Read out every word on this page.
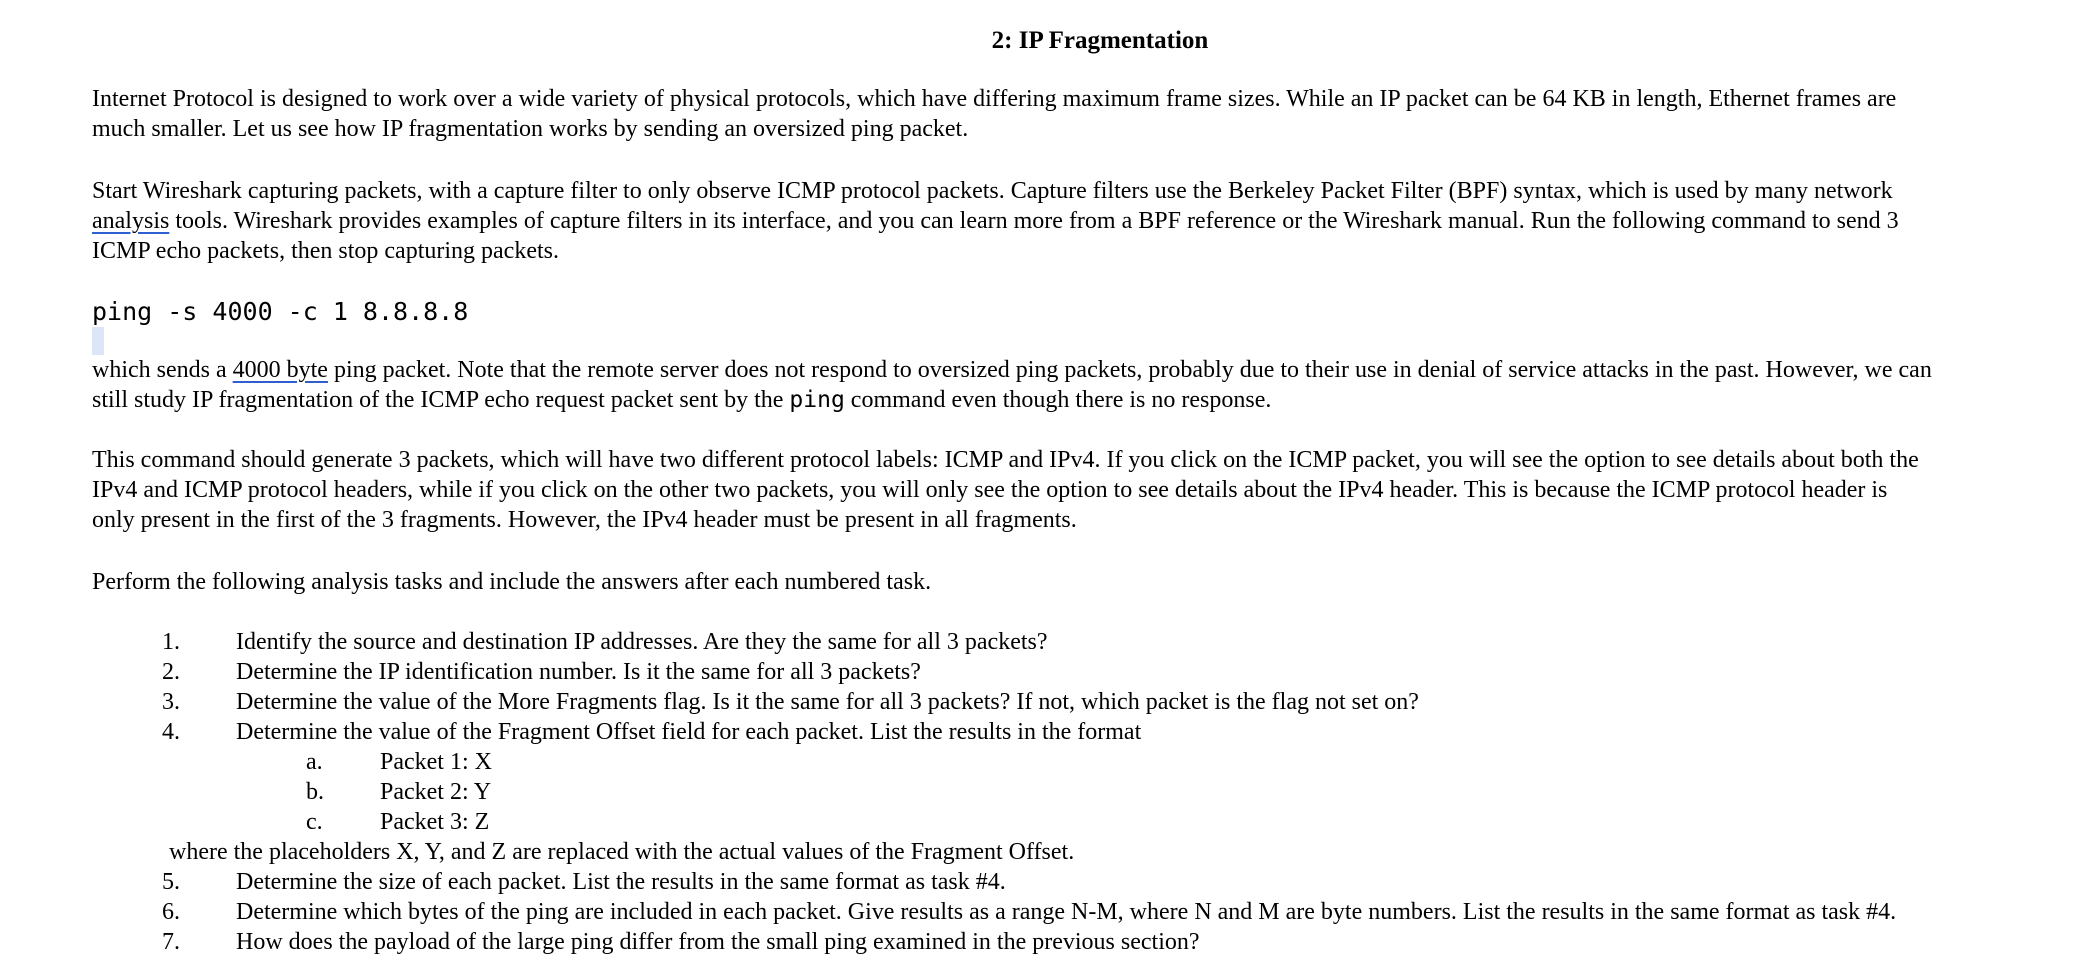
2: IP Fragmentation

Internet Protocol is designed to work over a wide variety of physical protocols, which have differing maximum frame sizes. While an IP packet can be 64 KB in length, Ethernet frames are
much smaller. Let us see how IP fragmentation works by sending an oversized ping packet.

Start Wireshark capturing packets, with a capture filter to only observe ICMP protocol packets. Capture filters use the Berkeley Packet Filter (BPF) syntax, which is used by many network
analysis tools. Wireshark provides examples of capture filters in its interface, and you can learn more from a BPF reference or the Wireshark manual. Run the following command to send 3
ICMP echo packets, then stop capturing packets.

ping -s 4000 -c 1 8.8.8.8

which sends a 4000 byte ping packet. Note that the remote server does not respond to oversized ping packets, probably due to their use in denial of service attacks in the past. However, we can
still study IP fragmentation of the ICMP echo request packet sent by the ping command even though there is no response.

This command should generate 3 packets, which will have two different protocol labels: ICMP and IPv4. If you click on the ICMP packet, you will see the option to see details about both the
IPv4 and ICMP protocol headers, while if you click on the other two packets, you will only see the option to see details about the IPv4 header. This is because the ICMP protocol header is
only present in the first of the 3 fragments. However, the IPv4 header must be present in all fragments.

Perform the following analysis tasks and include the answers after each numbered task.

1. Identify the source and destination IP addresses. Are they the same for all 3 packets?
2. Determine the IP identification number. Is it the same for all 3 packets?
3. Determine the value of the More Fragments flag. Is it the same for all 3 packets? If not, which packet is the flag not set on?
4. Determine the value of the Fragment Offset field for each packet. List the results in the format
a. Packet 1: X
b. Packet 2: Y
c. Packet 3: Z
where the placeholders X, Y, and Z are replaced with the actual values of the Fragment Offset.
5. Determine the size of each packet. List the results in the same format as task #4.
6. Determine which bytes of the ping are included in each packet. Give results as a range N-M, where N and M are byte numbers. List the results in the same format as task #4.
7. How does the payload of the large ping differ from the small ping examined in the previous section?
